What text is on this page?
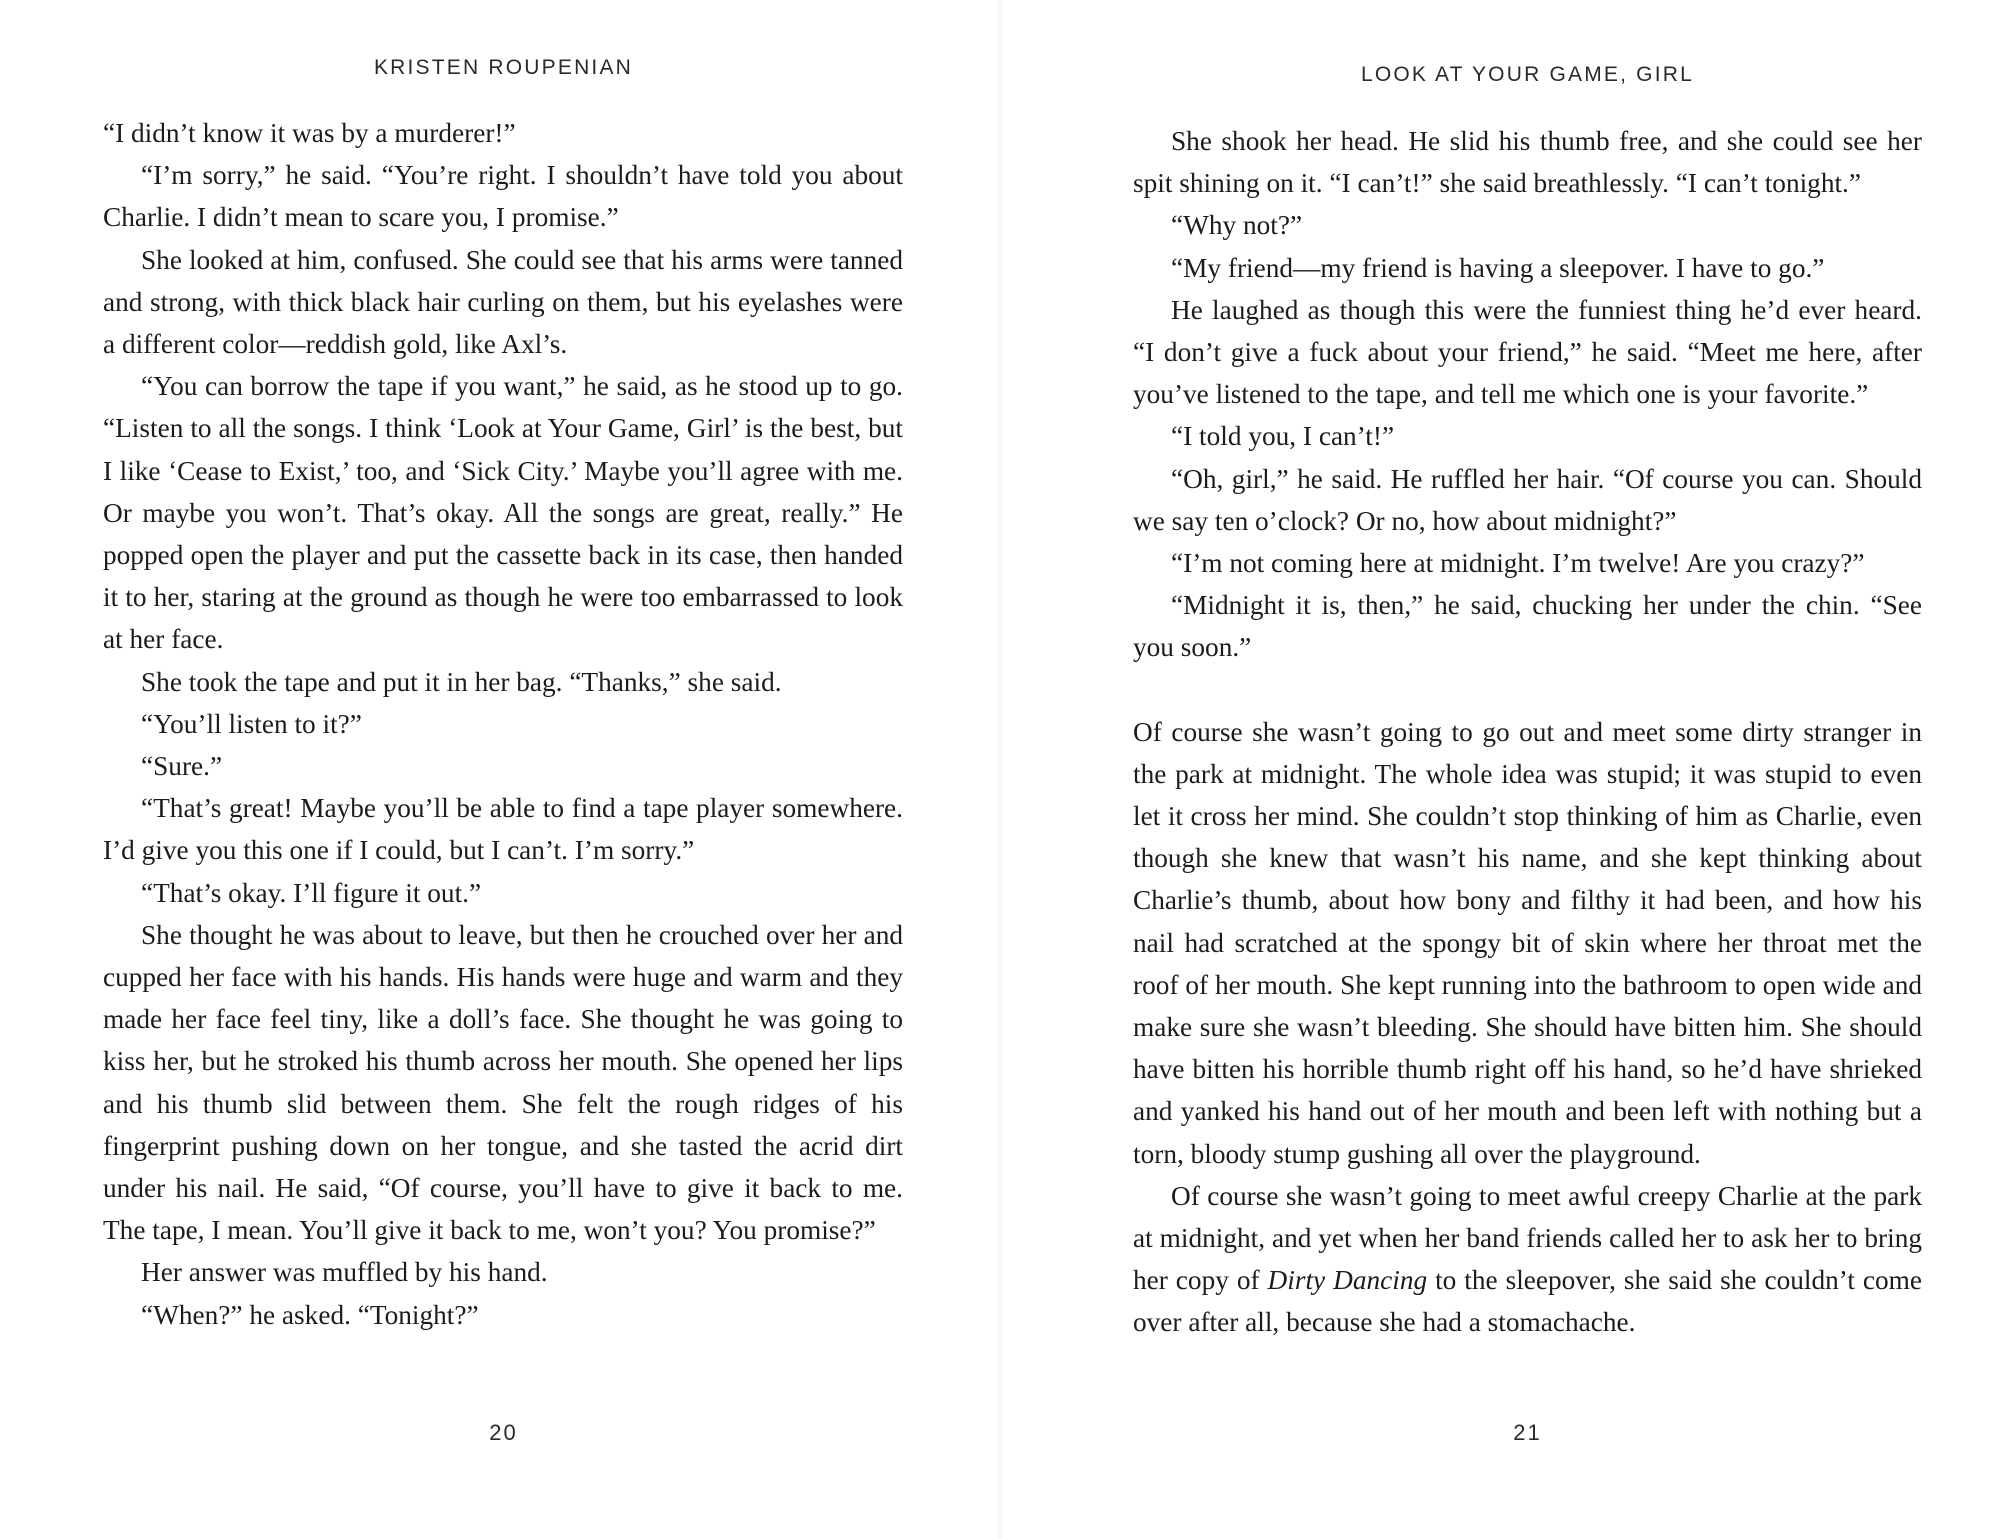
KRISTEN ROUPENIAN

“I didn’t know it was by a murderer!”

“I’m sorry,” he said. “You’re right. I shouldn’t have told you about Charlie. I didn’t mean to scare you, I promise.”

She looked at him, confused. She could see that his arms were tanned and strong, with thick black hair curling on them, but his eyelashes were a different color—reddish gold, like Axl’s.

“You can borrow the tape if you want,” he said, as he stood up to go. “Listen to all the songs. I think ‘Look at Your Game, Girl’ is the best, but I like ‘Cease to Exist,’ too, and ‘Sick City.’ Maybe you’ll agree with me. Or maybe you won’t. That’s okay. All the songs are great, really.” He popped open the player and put the cassette back in its case, then handed it to her, staring at the ground as though he were too embarrassed to look at her face.

She took the tape and put it in her bag. “Thanks,” she said.

“You’ll listen to it?”

“Sure.”

“That’s great! Maybe you’ll be able to find a tape player somewhere. I’d give you this one if I could, but I can’t. I’m sorry.”

“That’s okay. I’ll figure it out.”

She thought he was about to leave, but then he crouched over her and cupped her face with his hands. His hands were huge and warm and they made her face feel tiny, like a doll’s face. She thought he was going to kiss her, but he stroked his thumb across her mouth. She opened her lips and his thumb slid between them. She felt the rough ridges of his fingerprint pushing down on her tongue, and she tasted the acrid dirt under his nail. He said, “Of course, you’ll have to give it back to me. The tape, I mean. You’ll give it back to me, won’t you? You promise?”

Her answer was muffled by his hand.

“When?” he asked. “Tonight?”

20
LOOK AT YOUR GAME, GIRL

She shook her head. He slid his thumb free, and she could see her spit shining on it. “I can’t!” she said breathlessly. “I can’t tonight.”

“Why not?”

“My friend—my friend is having a sleepover. I have to go.”

He laughed as though this were the funniest thing he’d ever heard. “I don’t give a fuck about your friend,” he said. “Meet me here, after you’ve listened to the tape, and tell me which one is your favorite.”

“I told you, I can’t!”

“Oh, girl,” he said. He ruffled her hair. “Of course you can. Should we say ten o’clock? Or no, how about midnight?”

“I’m not coming here at midnight. I’m twelve! Are you crazy?”

“Midnight it is, then,” he said, chucking her under the chin. “See you soon.”

Of course she wasn’t going to go out and meet some dirty stranger in the park at midnight. The whole idea was stupid; it was stupid to even let it cross her mind. She couldn’t stop thinking of him as Charlie, even though she knew that wasn’t his name, and she kept thinking about Charlie’s thumb, about how bony and filthy it had been, and how his nail had scratched at the spongy bit of skin where her throat met the roof of her mouth. She kept running into the bathroom to open wide and make sure she wasn’t bleeding. She should have bitten him. She should have bitten his horrible thumb right off his hand, so he’d have shrieked and yanked his hand out of her mouth and been left with nothing but a torn, bloody stump gushing all over the playground.

Of course she wasn’t going to meet awful creepy Charlie at the park at midnight, and yet when her band friends called her to ask her to bring her copy of Dirty Dancing to the sleepover, she said she couldn’t come over after all, because she had a stomachache.

21
